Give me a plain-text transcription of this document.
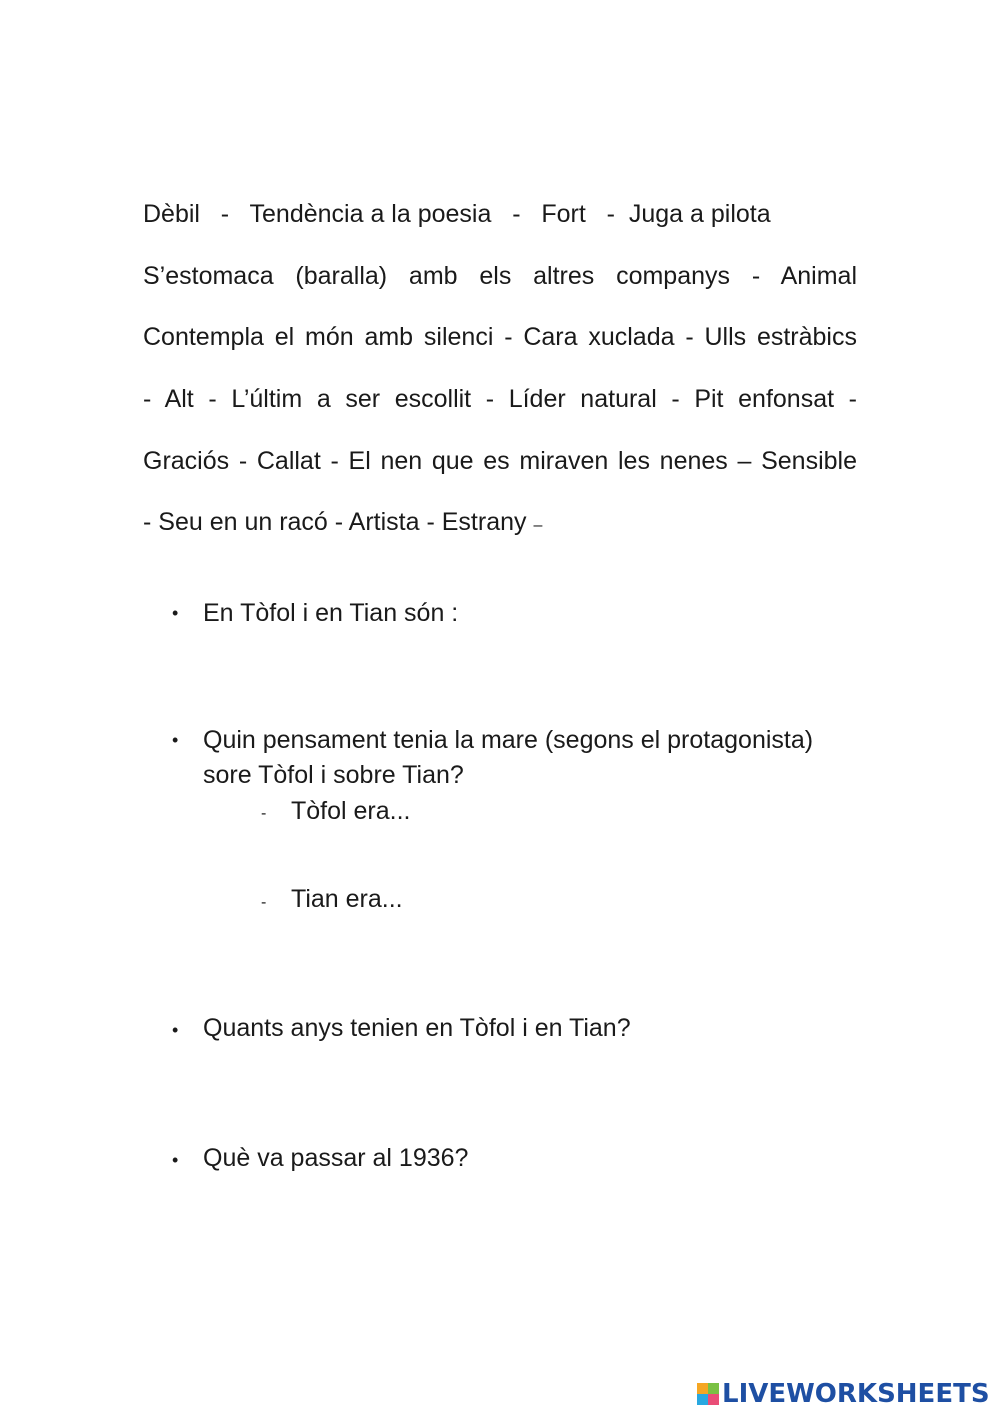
Dèbil   -   Tendència a la poesia   -   Fort   -  Juga a pilota
S’estomaca (baralla) amb els altres companys - Animal
Contempla el món amb silenci - Cara xuclada - Ulls estràbics
- Alt - L’últim a ser escollit - Líder natural - Pit enfonsat -
Graciós - Callat - El nen que es miraven les nenes – Sensible
- Seu en un racó - Artista - Estrany –
• En Tòfol i en Tian són :
• Quin pensament tenia la mare (segons el protagonista)
sore Tòfol i sobre Tian?
- Tòfol era...
- Tian era...
• Quants anys tenien en Tòfol i en Tian?
• Què va passar al 1936?
LIVEWORKSHEETS
